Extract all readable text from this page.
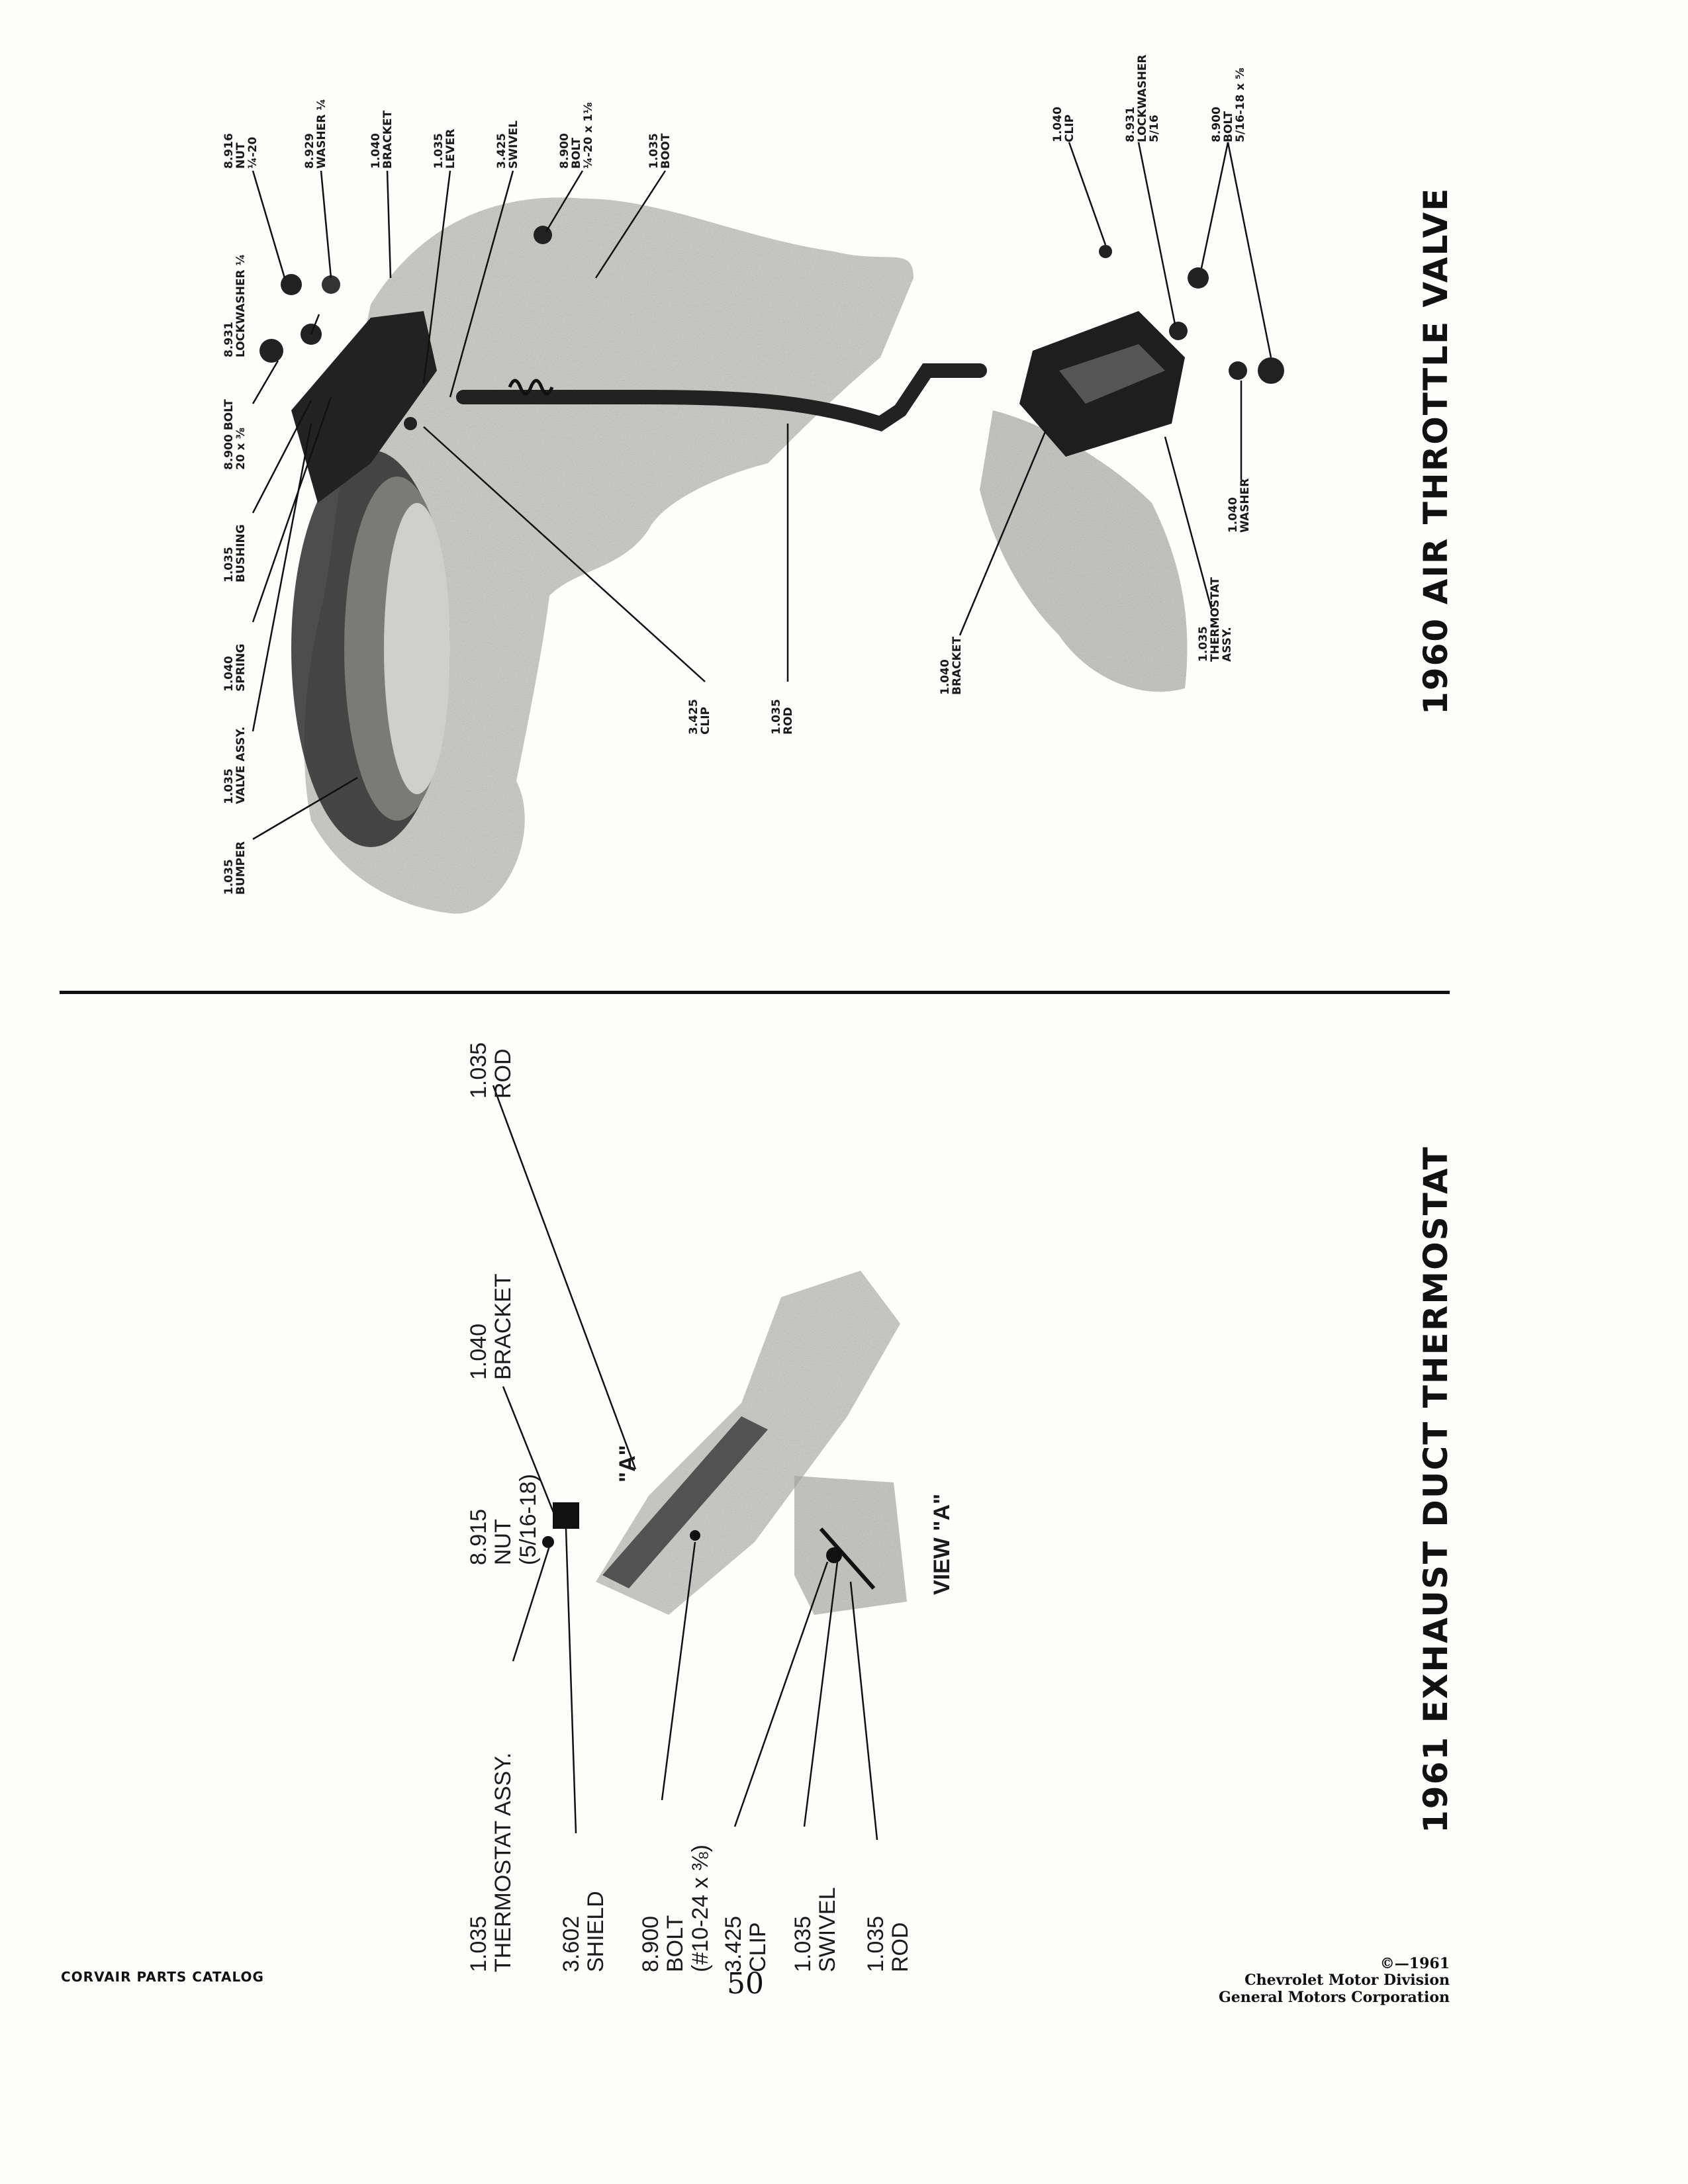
1.035
BUMPER
1.035
VALVE ASSY.
1.040
SPRING
1.035
BUSHING
8.900 BOLT
20 x ⅜
8.931
LOCKWASHER ¼
8.916
NUT
¼-20	8.929
WASHER ¼	1.040
BRACKET	1.035
LEVER	3.425
SWIVEL	8.900
BOLT
¼-20 x 1⅛	1.035
BOOT
3.425
CLIP	1.035
ROD
1.040
BRACKET
1.040
CLIP	8.931
LOCKWASHER
5/16	8.900
BOLT
5/16-18 x ⅝
1.040
WASHER
1.035
THERMOSTAT
ASSY.	1960 AIR THROTTLE VALVE
1.035 ROD
1.040 BRACKET
8.915 NUT (5/16-18)
"A"
VIEW "A"
1.035 THERMOSTAT ASSY. 3.602 SHIELD 8.900 BOLT (#10-24 x ⅜) 3.425 CLIP 1.035 SWIVEL 1.035 ROD
1961 EXHAUST DUCT THERMOSTAT
CORVAIR PARTS CATALOG	50
©—1961
Chevrolet Motor Division
General Motors Corporation
